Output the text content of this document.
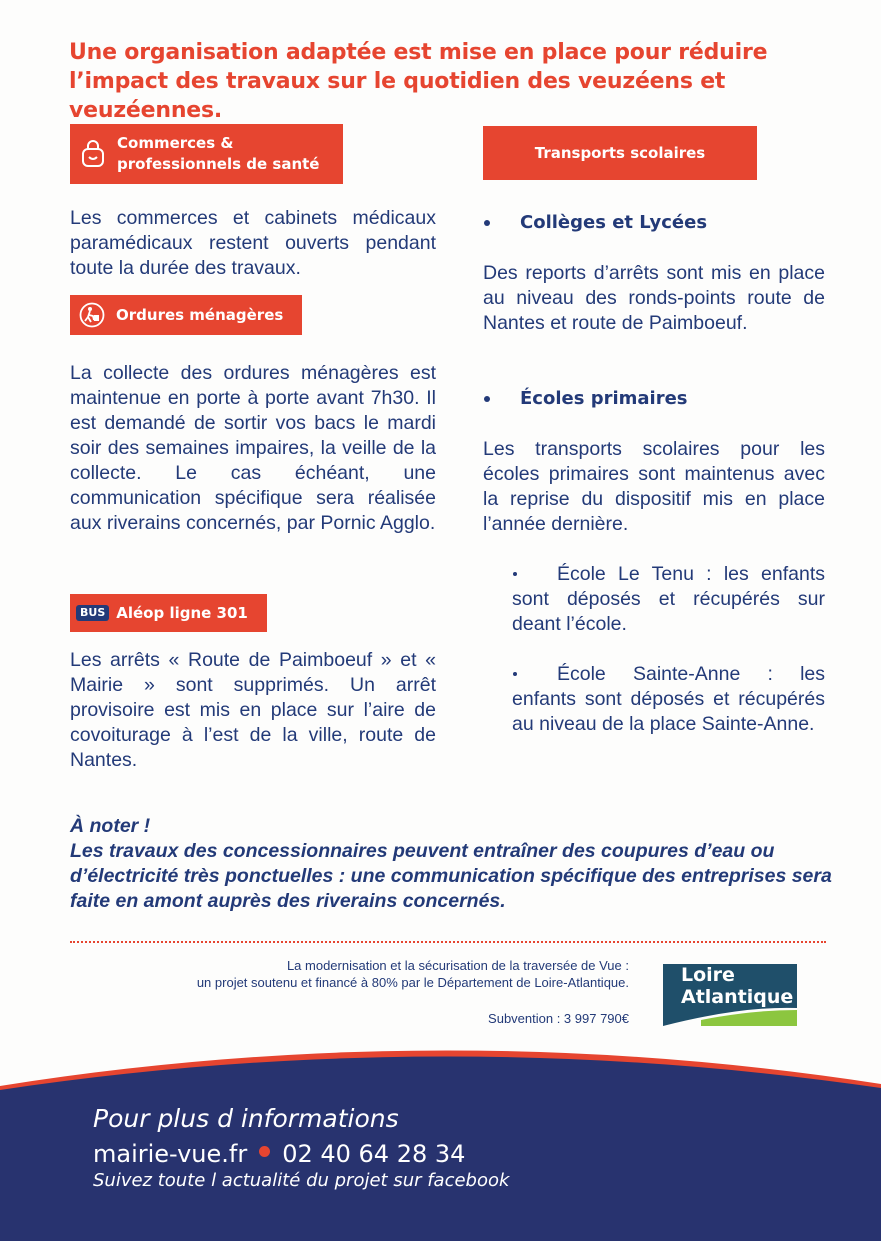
Une organisation adaptée est mise en place pour réduire l’impact des travaux sur le quotidien des veuzéens et veuzéennes.
Commerces &
professionnels de santé
Les commerces et cabinets médicaux paramédicaux restent ouverts pendant toute la durée des travaux.
Ordures ménagères
La collecte des ordures ménagères est maintenue en porte à porte avant 7h30. Il est demandé de sortir vos bacs le mardi soir des semaines impaires, la veille de la collecte. Le cas échéant, une communication spécifique sera réalisée aux riverains concernés, par Pornic Agglo.
BUS Aléop ligne 301
Les arrêts « Route de Paimboeuf » et « Mairie » sont supprimés. Un arrêt provisoire est mis en place sur l’aire de covoiturage à l’est de la ville, route de Nantes.
Transports scolaires
Collèges et Lycées
Des reports d’arrêts sont mis en place au niveau des ronds-points route de Nantes et route de Paimboeuf.
Écoles primaires
Les transports scolaires pour les écoles primaires sont maintenus avec la reprise du dispositif mis en place l’année dernière.
École Le Tenu : les enfants sont déposés et récupérés sur deant l’école.
École Sainte-Anne : les enfants sont déposés et récupérés au niveau de la place Sainte-Anne.
À noter !
Les travaux des concessionnaires peuvent entraîner des coupures d’eau ou d’électricité très ponctuelles : une communication spécifique des entreprises sera faite en amont auprès des riverains concernés.
La modernisation et la sécurisation de la traversée de Vue :
un projet soutenu et financé à 80% par le Département de Loire-Atlantique.
Subvention : 3 997 790€
Loire
Atlantique
Pour plus d informations
mairie-vue.fr 02 40 64 28 34
Suivez toute l actualité du projet sur facebook
